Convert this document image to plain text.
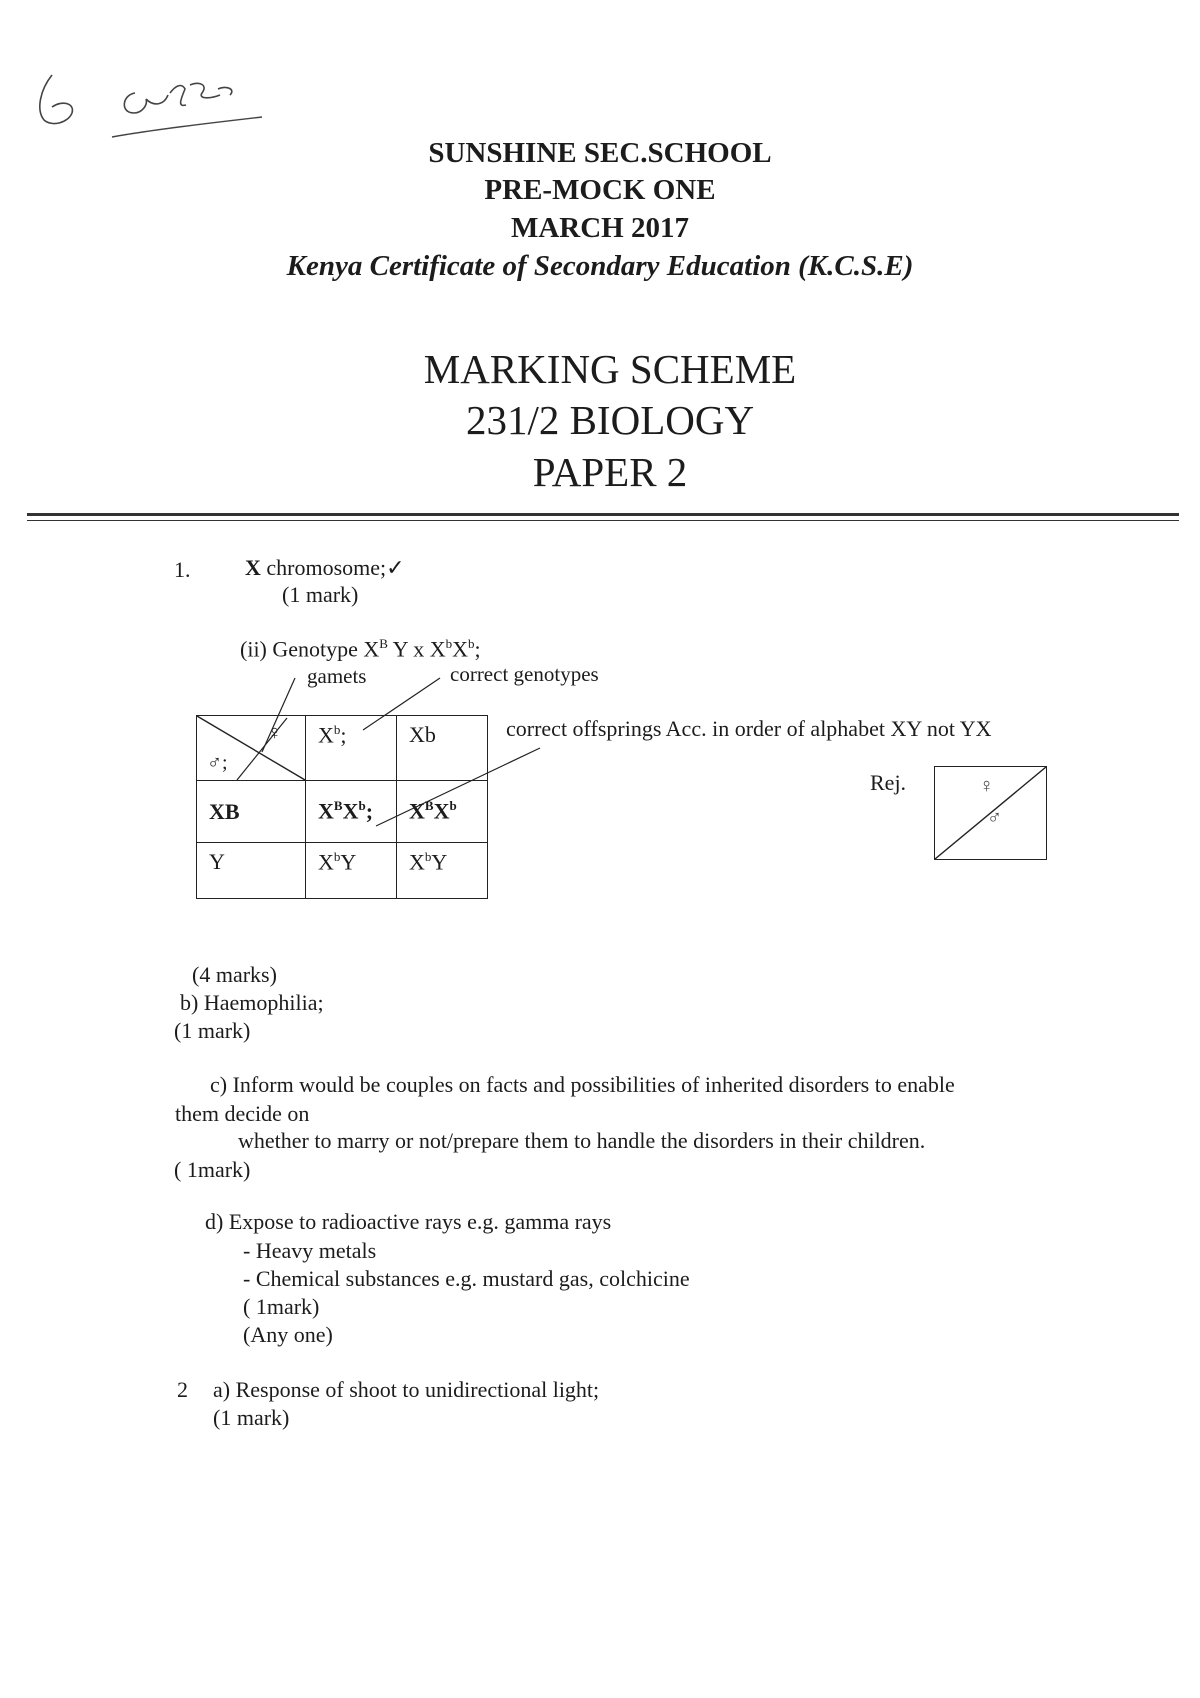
SUNSHINE SEC.SCHOOL
PRE-MOCK ONE
MARCH 2017
Kenya Certificate of Secondary Education (K.C.S.E)
MARKING SCHEME
231/2 BIOLOGY
PAPER 2
1. X chromosome;✓
(1 mark)
(ii) Genotype $X^B$ Y x $X^bX^b$;
gamets	correct genotypes
correct offsprings Acc. in order of alphabet XY not YX
♀
♂;	$X^b$;	Xb
XB	$X^BX^b$;	$X^BX^b$
Y	$X^bY$	$X^bY$
Rej.	♀
♂
(4 marks)
b) Haemophilia;
(1 mark)
c) Inform would be couples on facts and possibilities of inherited disorders to enable
them decide on
whether to marry or not/prepare them to handle the disorders in their children.
( 1mark)
d) Expose to radioactive rays e.g. gamma rays
- Heavy metals
- Chemical substances e.g. mustard gas, colchicine
( 1mark)
(Any one)
2 a) Response of shoot to unidirectional light;
(1 mark)
